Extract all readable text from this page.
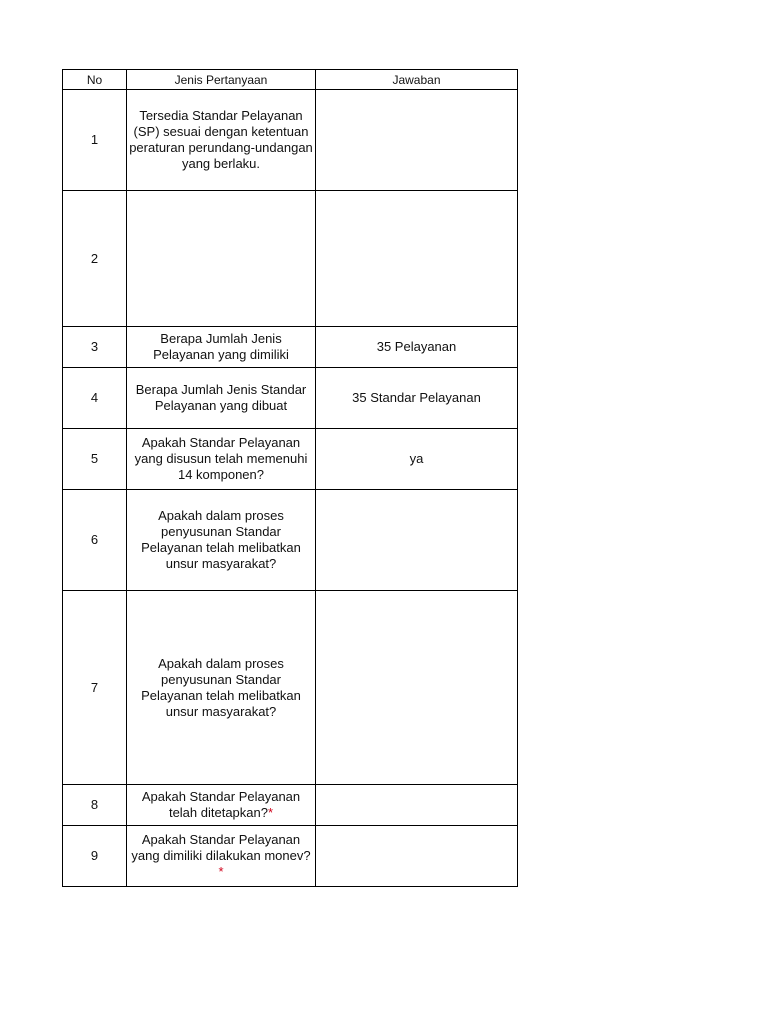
No	Jenis Pertanyaan	Jawaban
1	Tersedia Standar Pelayanan (SP) sesuai dengan ketentuan peraturan perundang-undangan yang berlaku.	
2		
3	Berapa Jumlah Jenis Pelayanan yang dimiliki	35 Pelayanan
4	Berapa Jumlah Jenis Standar Pelayanan yang dibuat	35 Standar Pelayanan
5	Apakah Standar Pelayanan yang disusun telah memenuhi 14 komponen?	ya
6	Apakah dalam proses penyusunan Standar Pelayanan telah melibatkan unsur masyarakat?	
7	Apakah dalam proses penyusunan Standar Pelayanan telah melibatkan unsur masyarakat?	
8	Apakah Standar Pelayanan telah ditetapkan?*	
9	Apakah Standar Pelayanan yang dimiliki dilakukan monev?*	
